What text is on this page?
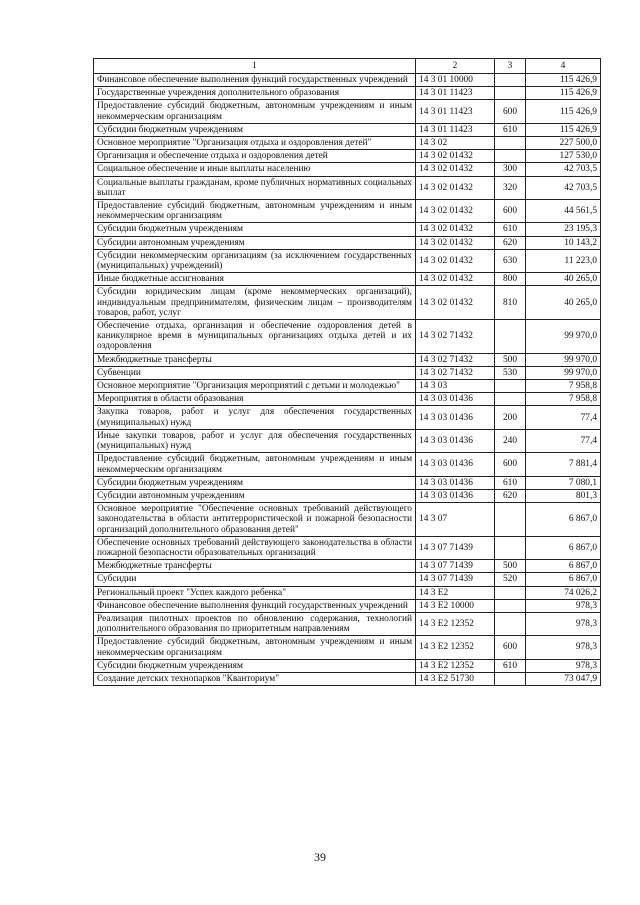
1	2	3	4
Финансовое обеспечение выполнения функций государственных учреждений	14 3 01 10000		115 426,9
Государственные учреждения дополнительного образования	14 3 01 11423		115 426,9
Предоставление субсидий бюджетным, автономным учреждениям и иным некоммерческим организациям	14 3 01 11423	600	115 426,9
Субсидии бюджетным учреждениям	14 3 01 11423	610	115 426,9
Основное мероприятие "Организация отдыха и оздоровления детей"	14 3 02		227 500,0
Организация и обеспечение отдыха и оздоровления детей	14 3 02 01432		127 530,0
Социальное обеспечение и иные выплаты населению	14 3 02 01432	300	42 703,5
Социальные выплаты гражданам, кроме публичных нормативных социальных выплат	14 3 02 01432	320	42 703,5
Предоставление субсидий бюджетным, автономным учреждениям и иным некоммерческим организациям	14 3 02 01432	600	44 561,5
Субсидии бюджетным учреждениям	14 3 02 01432	610	23 195,3
Субсидии автономным учреждениям	14 3 02 01432	620	10 143,2
Субсидии некоммерческим организациям (за исключением государственных (муниципальных) учреждений)	14 3 02 01432	630	11 223,0
Иные бюджетные ассигнования	14 3 02 01432	800	40 265,0
Субсидии юридическим лицам (кроме некоммерческих организаций), индивидуальным предпринимателям, физическим лицам – производителям товаров, работ, услуг	14 3 02 01432	810	40 265,0
Обеспечение отдыха, организация и обеспечение оздоровления детей в каникулярное время в муниципальных организациях отдыха детей и их оздоровления	14 3 02 71432		99 970,0
Межбюджетные трансферты	14 3 02 71432	500	99 970,0
Субвенции	14 3 02 71432	530	99 970,0
Основное мероприятие "Организация мероприятий с детьми и молодежью"	14 3 03		7 958,8
Мероприятия в области образования	14 3 03 01436		7 958,8
Закупка товаров, работ и услуг для обеспечения государственных (муниципальных) нужд	14 3 03 01436	200	77,4
Иные закупки товаров, работ и услуг для обеспечения государственных (муниципальных) нужд	14 3 03 01436	240	77,4
Предоставление субсидий бюджетным, автономным учреждениям и иным некоммерческим организациям	14 3 03 01436	600	7 881,4
Субсидии бюджетным учреждениям	14 3 03 01436	610	7 080,1
Субсидии автономным учреждениям	14 3 03 01436	620	801,3
Основное мероприятие "Обеспечение основных требований действующего законодательства в области антитеррористической и пожарной безопасности организаций дополнительного образования детей"	14 3 07		6 867,0
Обеспечение основных требований действующего законодательства в области пожарной безопасности образовательных организаций	14 3 07 71439		6 867,0
Межбюджетные трансферты	14 3 07 71439	500	6 867,0
Субсидии	14 3 07 71439	520	6 867,0
Региональный проект "Успех каждого ребенка"	14 3 E2		74 026,2
Финансовое обеспечение выполнения функций государственных учреждений	14 3 E2 10000		978,3
Реализация пилотных проектов по обновлению содержания, технологий дополнительного образования по приоритетным направлениям	14 3 E2 12352		978,3
Предоставление субсидий бюджетным, автономным учреждениям и иным некоммерческим организациям	14 3 E2 12352	600	978,3
Субсидии бюджетным учреждениям	14 3 E2 12352	610	978,3
Создание детских технопарков "Кванториум"	14 3 E2 51730		73 047,9
39
